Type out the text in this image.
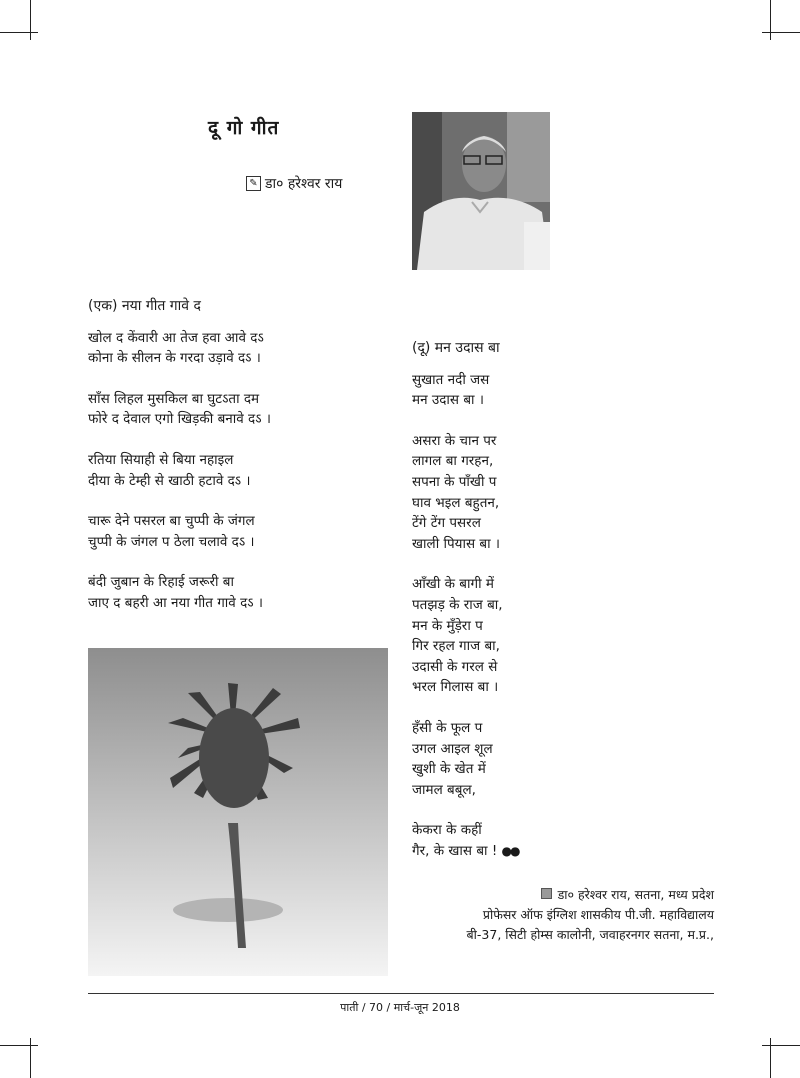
दू गो गीत
✎ डा० हरेश्वर राय
(एक) नया गीत गावे द
खोल द केंवारी आ तेज हवा आवे दऽ
कोना के सीलन के गरदा उड़ावे दऽ ।
साँस लिहल मुसकिल बा घुटऽता दम
फोरे द देवाल एगो खिड़की बनावे दऽ ।
रतिया सियाही से बिया नहाइल
दीया के टेम्ही से खाठी हटावे दऽ ।
चारू देने पसरल बा चुप्पी के जंगल
चुप्पी के जंगल प ठेला चलावे दऽ ।
बंदी जुबान के रिहाई जरूरी बा
जाए द बहरी आ नया गीत गावे दऽ ।
(दू) मन उदास बा
सुखात नदी जस
मन उदास बा ।
असरा के चान पर
लागल बा गरहन,
सपना के पाँखी प
घाव भइल बहुतन,
टेंगे टेंग पसरल
खाली पियास बा ।
आँखी के बागी में
पतझड़ के राज बा,
मन के मुँड़ेरा प
गिर रहल गाज बा,
उदासी के गरल से
भरल गिलास बा ।
हँसी के फूल प
उगल आइल शूल
खुशी के खेत में
जामल बबूल,
केकरा के कहीं
गैर, के खास बा ! ●●
डा० हरेश्वर राय, सतना, मध्य प्रदेश
प्रोफेसर ऑफ इंग्लिश शासकीय पी.जी. महाविद्यालय
बी-37, सिटी होम्स कालोनी, जवाहरनगर सतना, म.प्र.,
पाती / 70 / मार्च-जून 2018
